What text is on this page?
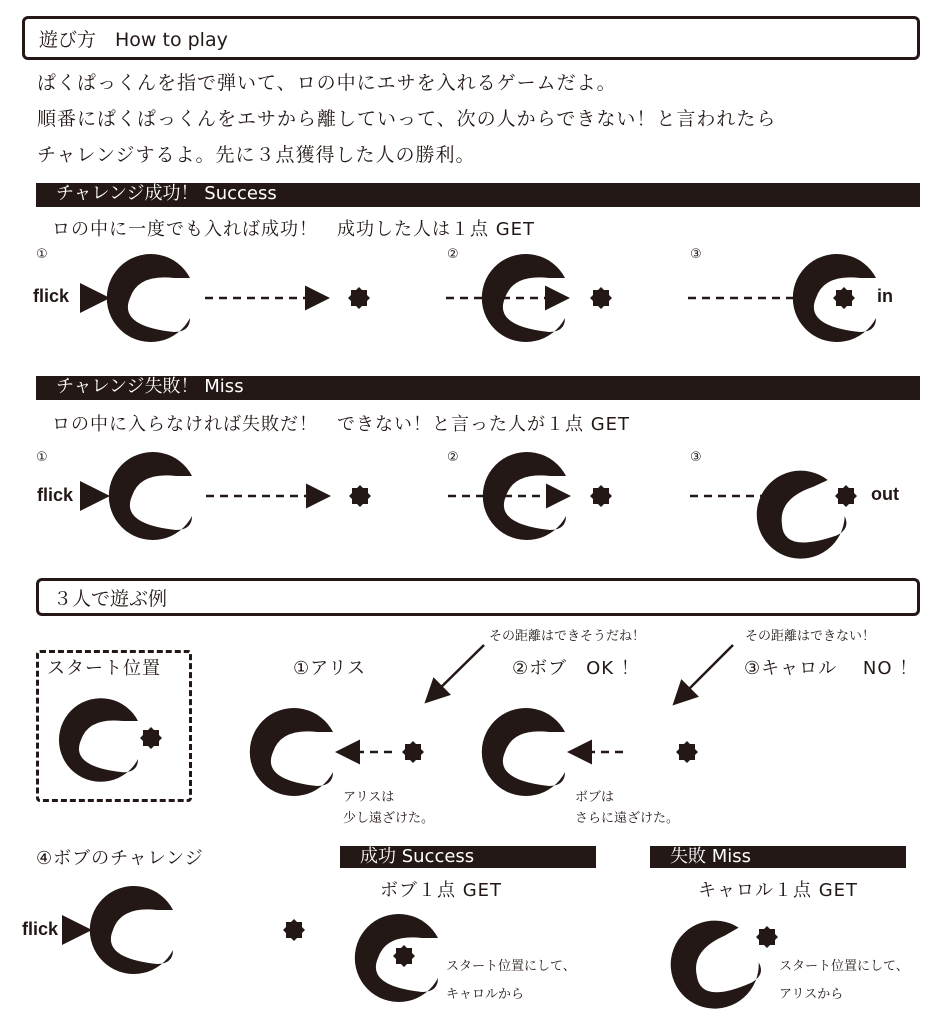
遊び方　How to play
ぱくぱっくんを指で弾いて、ロの中にエサを入れるゲームだよ。
順番にぱくぱっくんをエサから離していって、次の人からできない！と言われたら
チャレンジするよ。先に３点獲得した人の勝利。
チャレンジ成功！ Success
ロの中に一度でも入れば成功！　成功した人は１点 GET
①	②	③
flick	in
チャレンジ失敗！ Miss
ロの中に入らなければ失敗だ！　できない！と言った人が１点 GET
①	②	③
flick	out
３人で遊ぶ例
スタート位置	①アリス	②ボブ　OK ！	③キャロル　 NO ！
その距離はできそうだね！	その距離はできない！
アリスは
少し遠ざけた。
ボブは
さらに遠ざけた。
④ボブのチャレンジ
flick
成功 Success
ボブ１点 GET
スタート位置にして、
キャロルから
失敗 Miss
キャロル１点 GET
スタート位置にして、
アリスから
